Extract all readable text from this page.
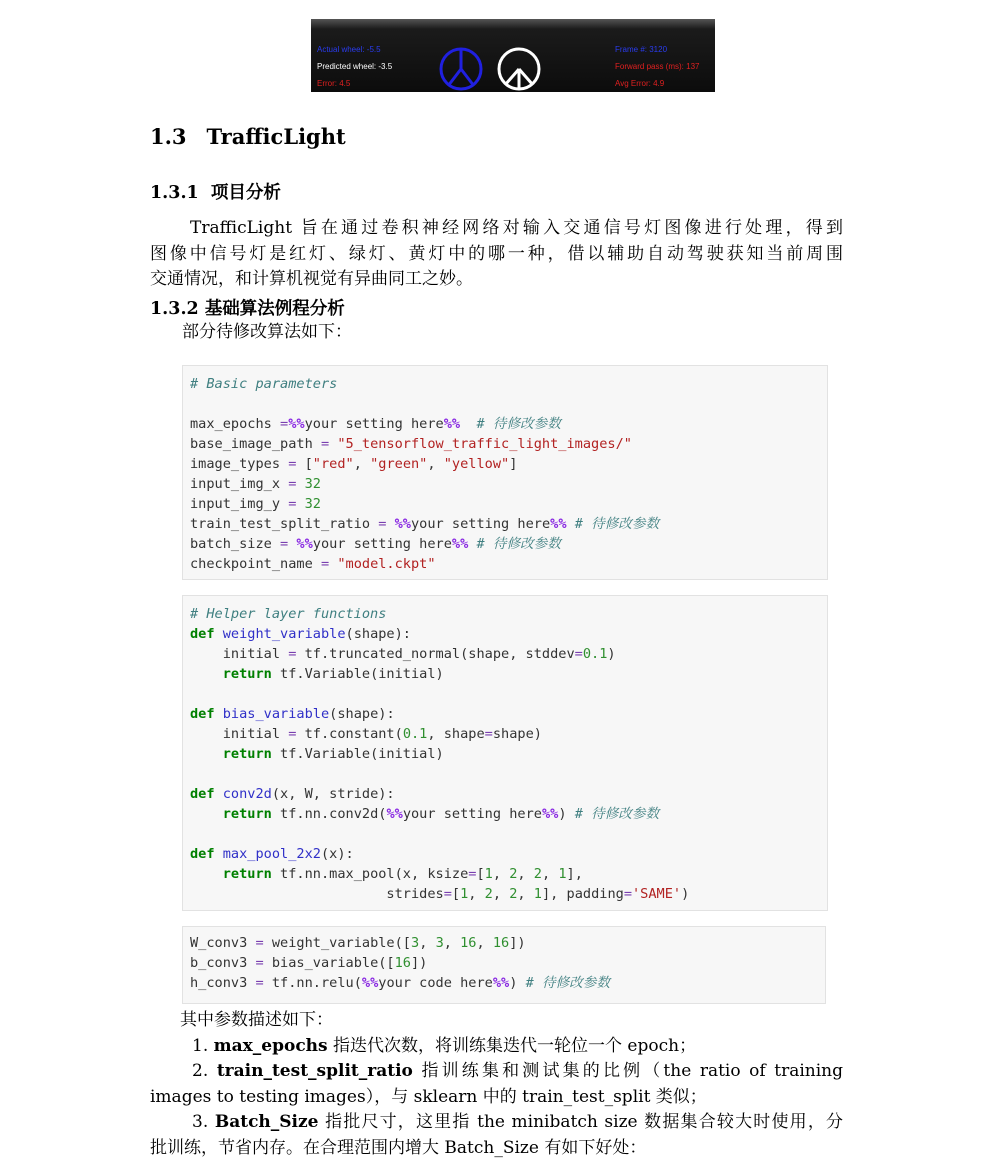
Actual wheel: -5.5
Predicted wheel: -3.5
Error: 4.5
Frame #: 3120
Forward pass (ms): 137
Avg Error: 4.9
1.3 TrafficLight
1.3.1 项目分析

TrafficLight 旨在通过卷积神经网络对输入交通信号灯图像进行处理，得到

图像中信号灯是红灯、绿灯、黄灯中的哪一种，借以辅助自动驾驶获知当前周围

交通情况，和计算机视觉有异曲同工之妙。

1.3.2 基础算法例程分析

部分待修改算法如下：

# Basic parameters

max_epochs =%%your setting here%% # 待修改参数
base_image_path = "5_tensorflow_traffic_light_images/"
image_types = ["red", "green", "yellow"]
input_img_x = 32
input_img_y = 32
train_test_split_ratio = %%your setting here%% # 待修改参数
batch_size = %%your setting here%% # 待修改参数
checkpoint_name = "model.ckpt"
# Helper layer functions
def weight_variable(shape):
initial = tf.truncated_normal(shape, stddev=0.1)
return tf.Variable(initial)

def bias_variable(shape):
initial = tf.constant(0.1, shape=shape)
return tf.Variable(initial)

def conv2d(x, W, stride):
return tf.nn.conv2d(%%your setting here%%) # 待修改参数

def max_pool_2x2(x):
return tf.nn.max_pool(x, ksize=[1, 2, 2, 1],
strides=[1, 2, 2, 1], padding='SAME')
W_conv3 = weight_variable([3, 3, 16, 16])
b_conv3 = bias_variable([16])
h_conv3 = tf.nn.relu(%%your code here%%) # 待修改参数

其中参数描述如下：

1. max_epochs 指迭代次数，将训练集迭代一轮位一个 epoch；

2. train_test_split_ratio 指训练集和测试集的比例（the ratio of training

images to testing images），与 sklearn 中的 train_test_split 类似；

3. Batch_Size 指批尺寸，这里指 the minibatch size 数据集合较大时使用，分

批训练，节省内存。在合理范围内增大 Batch_Size 有如下好处：
